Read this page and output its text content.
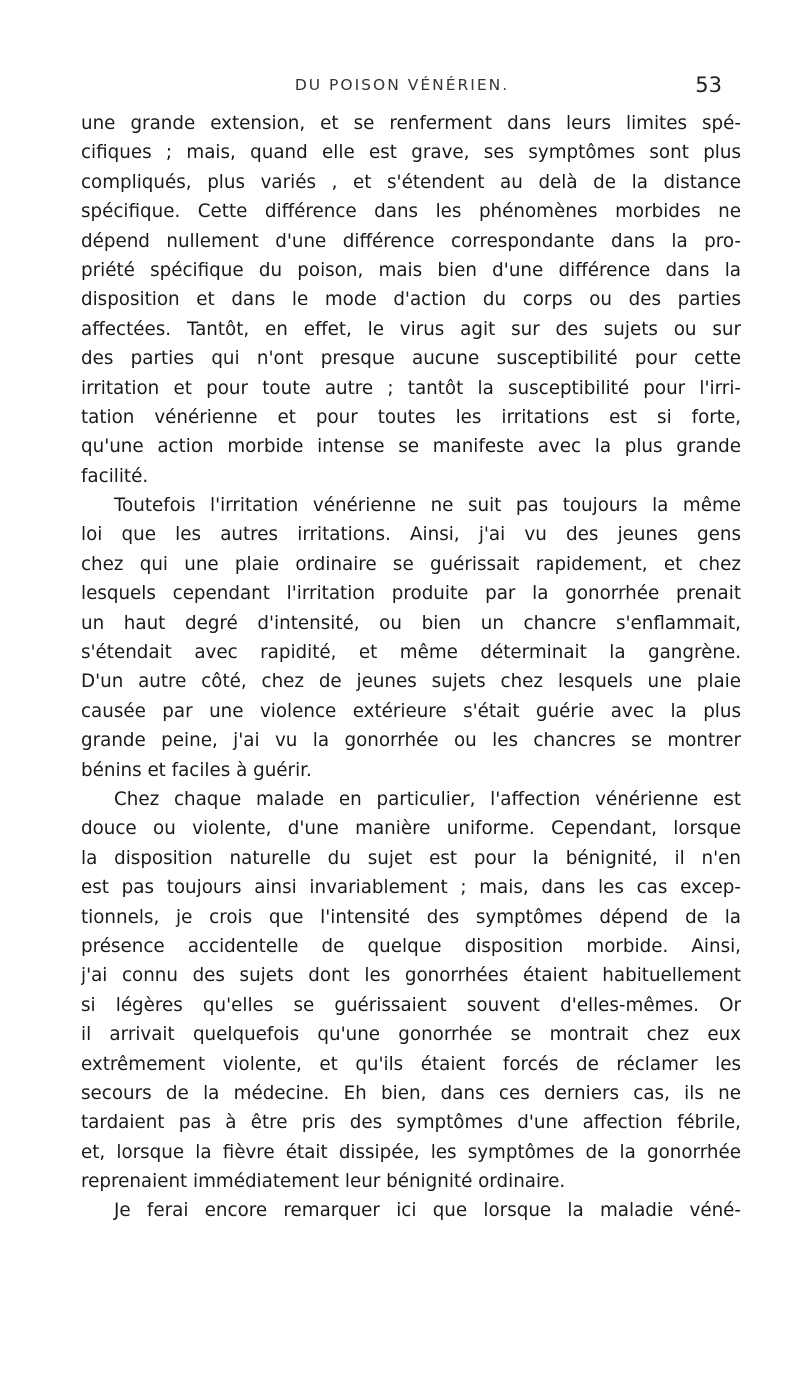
DU POISON VÉNÉRIEN.	53
une grande extension, et se renferment dans leurs limites spé-
cifiques ; mais, quand elle est grave, ses symptômes sont plus
compliqués, plus variés , et s'étendent au delà de la distance
spécifique. Cette différence dans les phénomènes morbides ne
dépend nullement d'une différence correspondante dans la pro-
priété spécifique du poison, mais bien d'une différence dans la
disposition et dans le mode d'action du corps ou des parties
affectées. Tantôt, en effet, le virus agit sur des sujets ou sur
des parties qui n'ont presque aucune susceptibilité pour cette
irritation et pour toute autre ; tantôt la susceptibilité pour l'irri-
tation vénérienne et pour toutes les irritations est si forte,
qu'une action morbide intense se manifeste avec la plus grande
facilité.
Toutefois l'irritation vénérienne ne suit pas toujours la même
loi que les autres irritations. Ainsi, j'ai vu des jeunes gens
chez qui une plaie ordinaire se guérissait rapidement, et chez
lesquels cependant l'irritation produite par la gonorrhée prenait
un haut degré d'intensité, ou bien un chancre s'enflammait,
s'étendait avec rapidité, et même déterminait la gangrène.
D'un autre côté, chez de jeunes sujets chez lesquels une plaie
causée par une violence extérieure s'était guérie avec la plus
grande peine, j'ai vu la gonorrhée ou les chancres se montrer
bénins et faciles à guérir.
Chez chaque malade en particulier, l'affection vénérienne est
douce ou violente, d'une manière uniforme. Cependant, lorsque
la disposition naturelle du sujet est pour la bénignité, il n'en
est pas toujours ainsi invariablement ; mais, dans les cas excep-
tionnels, je crois que l'intensité des symptômes dépend de la
présence accidentelle de quelque disposition morbide. Ainsi,
j'ai connu des sujets dont les gonorrhées étaient habituellement
si légères qu'elles se guérissaient souvent d'elles-mêmes. Or
il arrivait quelquefois qu'une gonorrhée se montrait chez eux
extrêmement violente, et qu'ils étaient forcés de réclamer les
secours de la médecine. Eh bien, dans ces derniers cas, ils ne
tardaient pas à être pris des symptômes d'une affection fébrile,
et, lorsque la fièvre était dissipée, les symptômes de la gonorrhée
reprenaient immédiatement leur bénignité ordinaire.
Je ferai encore remarquer ici que lorsque la maladie véné-
